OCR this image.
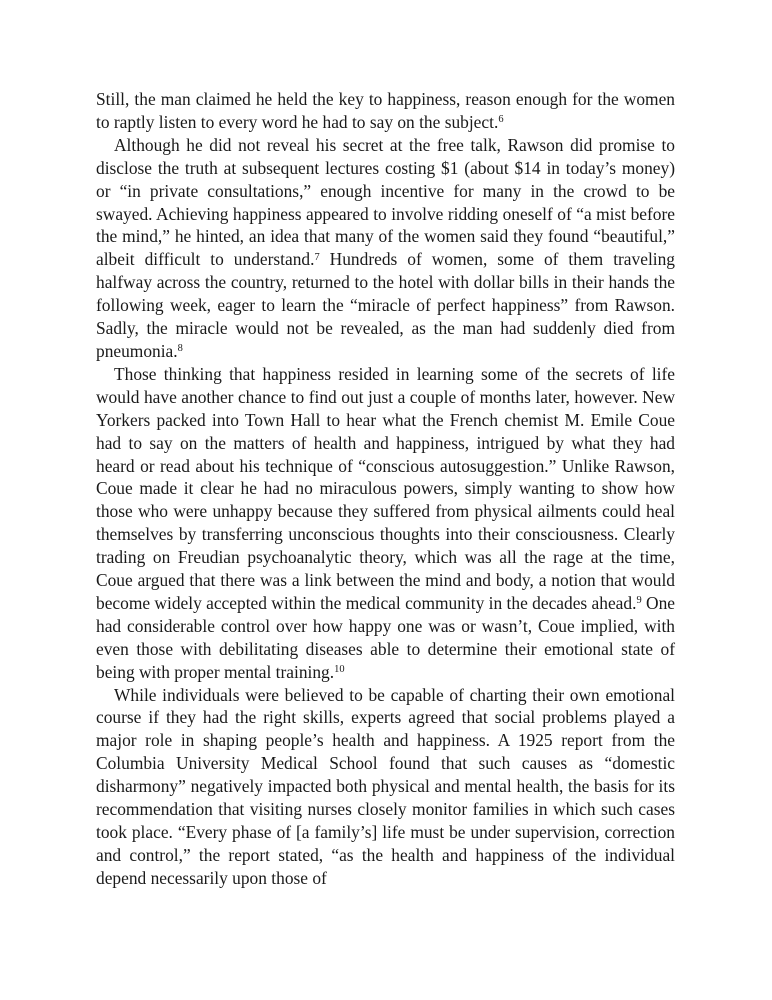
Still, the man claimed he held the key to happiness, reason enough for the women to raptly listen to every word he had to say on the subject.$^6$

Although he did not reveal his secret at the free talk, Rawson did promise to disclose the truth at subsequent lectures costing $1 (about $14 in today’s money) or “in private consultations,” enough incentive for many in the crowd to be swayed. Achieving happiness appeared to involve ridding oneself of “a mist before the mind,” he hinted, an idea that many of the women said they found “beautiful,” albeit difficult to understand.$^7$ Hundreds of women, some of them traveling halfway across the country, returned to the hotel with dollar bills in their hands the following week, eager to learn the “miracle of perfect happiness” from Rawson. Sadly, the miracle would not be revealed, as the man had suddenly died from pneumonia.$^8$

Those thinking that happiness resided in learning some of the secrets of life would have another chance to find out just a couple of months later, however. New Yorkers packed into Town Hall to hear what the French chemist M. Emile Coue had to say on the matters of health and happiness, intrigued by what they had heard or read about his technique of “conscious autosuggestion.” Unlike Rawson, Coue made it clear he had no miraculous powers, simply wanting to show how those who were unhappy because they suffered from physical ailments could heal themselves by transferring unconscious thoughts into their consciousness. Clearly trading on Freudian psychoanalytic theory, which was all the rage at the time, Coue argued that there was a link between the mind and body, a notion that would become widely accepted within the medical community in the decades ahead.$^9$ One had considerable control over how happy one was or wasn’t, Coue implied, with even those with debilitating diseases able to determine their emotional state of being with proper mental training.$^{10}$

While individuals were believed to be capable of charting their own emotional course if they had the right skills, experts agreed that social problems played a major role in shaping people’s health and happiness. A 1925 report from the Columbia University Medical School found that such causes as “domestic disharmony” negatively impacted both physical and mental health, the basis for its recommendation that visiting nurses closely monitor families in which such cases took place. “Every phase of [a family’s] life must be under supervision, correction and control,” the report stated, “as the health and happiness of the individual depend necessarily upon those of
